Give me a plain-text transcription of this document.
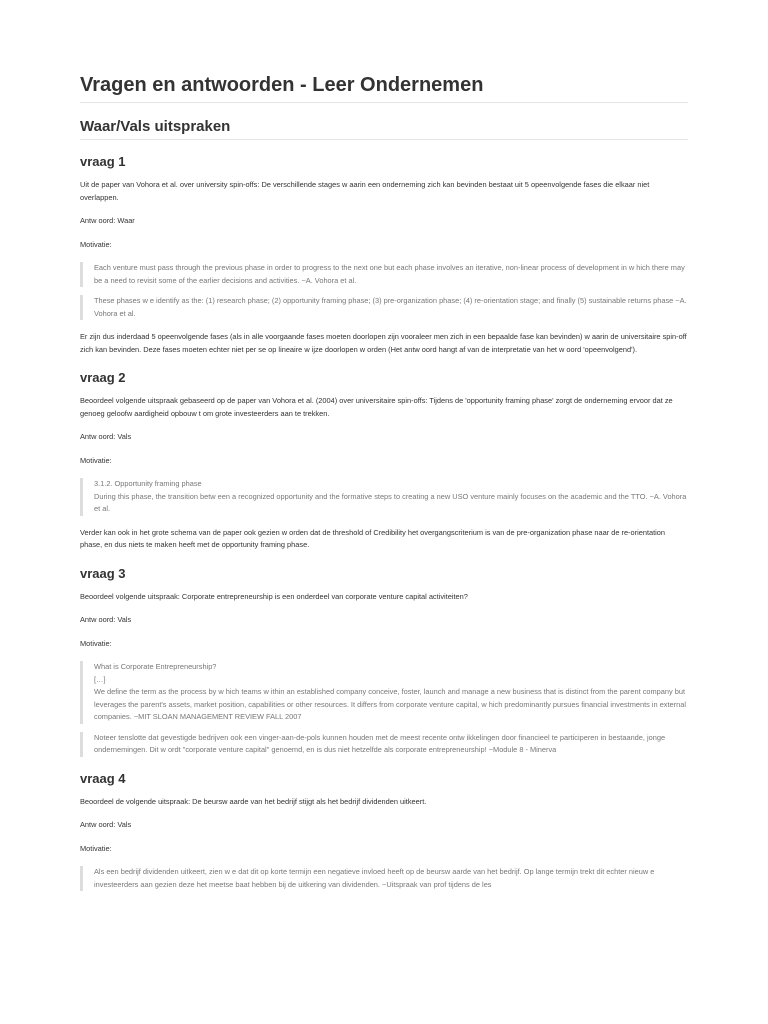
Vragen en antwoorden - Leer Ondernemen
Waar/Vals uitspraken
vraag 1

Uit de paper van Vohora et al. over university spin-offs: De verschillende stages w aarin een onderneming zich kan bevinden bestaat uit 5 opeenvolgende fases die elkaar niet overlappen.

Antw oord: Waar

Motivatie:

Each venture must pass through the previous phase in order to progress to the next one but each phase involves an iterative, non-linear process of development in w hich there may be a need to revisit some of the earlier decisions and activities. ~A. Vohora et al.

These phases w e identify as the: (1) research phase; (2) opportunity framing phase; (3) pre-organization phase; (4) re-orientation stage; and finally (5) sustainable returns phase ~A. Vohora et al.

Er zijn dus inderdaad 5 opeenvolgende fases (als in alle voorgaande fases moeten doorlopen zijn vooraleer men zich in een bepaalde fase kan bevinden) w aarin de universitaire spin-off zich kan bevinden. Deze fases moeten echter niet per se op lineaire w ijze doorlopen w orden (Het antw oord hangt af van de interpretatie van het w oord 'opeenvolgend').

vraag 2

Beoordeel volgende uitspraak gebaseerd op de paper van Vohora et al. (2004) over universitaire spin-offs: Tijdens de 'opportunity framing phase' zorgt de onderneming ervoor dat ze genoeg geloofw aardigheid opbouw t om grote investeerders aan te trekken.

Antw oord: Vals

Motivatie:

3.1.2. Opportunity framing phase
During this phase, the transition betw een a recognized opportunity and the formative steps to creating a new USO venture mainly focuses on the academic and the TTO. ~A. Vohora et al.

Verder kan ook in het grote schema van de paper ook gezien w orden dat de threshold of Credibility het overgangscriterium is van de pre-organization phase naar de re-orientation phase, en dus niets te maken heeft met de opportunity framing phase.

vraag 3

Beoordeel volgende uitspraak: Corporate entrepreneurship is een onderdeel van corporate venture capital activiteiten?

Antw oord: Vals

Motivatie:

What is Corporate Entrepreneurship?
[…]
We define the term as the process by w hich teams w ithin an established company conceive, foster, launch and manage a new business that is distinct from the parent company but leverages the parent's assets, market position, capabilities or other resources. It differs from corporate venture capital, w hich predominantly pursues financial investments in external companies. ~MIT SLOAN MANAGEMENT REVIEW FALL 2007

Noteer tenslotte dat gevestigde bedrijven ook een vinger-aan-de-pols kunnen houden met de meest recente ontw ikkelingen door financieel te participeren in bestaande, jonge ondernemingen. Dit w ordt "corporate venture capital" genoemd, en is dus niet hetzelfde als corporate entrepreneurship! ~Module 8 - Minerva

vraag 4

Beoordeel de volgende uitspraak: De beursw aarde van het bedrijf stijgt als het bedrijf dividenden uitkeert.

Antw oord: Vals

Motivatie:

Als een bedrijf dividenden uitkeert, zien w e dat dit op korte termijn een negatieve invloed heeft op de beursw aarde van het bedrijf. Op lange termijn trekt dit echter nieuw e investeerders aan gezien deze het meetse baat hebben bij de uitkering van dividenden. ~Uitspraak van prof tijdens de les
